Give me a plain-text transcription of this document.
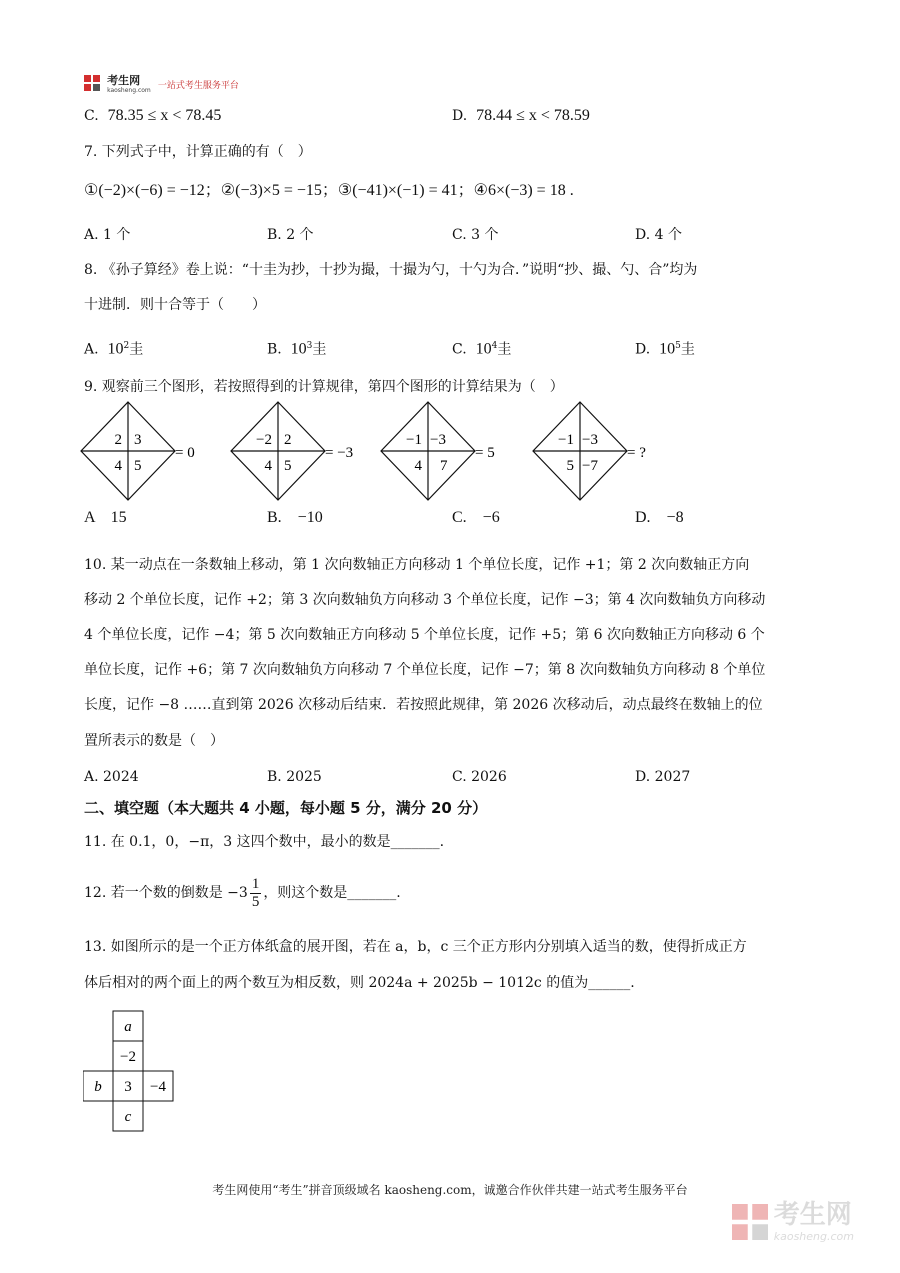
考生网
kaosheng.com 一站式考生服务平台
C. 78.35 ≤ x < 78.45	D. 78.44 ≤ x < 78.59
7. 下列式子中，计算正确的有（　）
①(−2)×(−6) = −12；②(−3)×5 = −15；③(−41)×(−1) = 41；④6×(−3) = 18 .
A. 1 个	B. 2 个	C. 3 个	D. 4 个
8. 《孙子算经》卷上说：“十圭为抄，十抄为撮，十撮为勺，十勺为合．”说明“抄、撮、勺、合”均为
十进制．则十合等于（　　）
A. $10^2$圭	B. $10^3$圭	C. $10^4$圭	D. $10^5$圭
9. 观察前三个图形，若按照得到的计算规律，第四个图形的计算结果为（　）
2 3
4 5
= 0
−2 2
4 5
= −3
−1 −3
4 7
= 5
−1 −3
5 −7
= ?
A　15	B.　−10	C.　−6	D.　−8
10. 某一动点在一条数轴上移动，第 1 次向数轴正方向移动 1 个单位长度，记作 +1；第 2 次向数轴正方向
移动 2 个单位长度，记作 +2；第 3 次向数轴负方向移动 3 个单位长度，记作 −3；第 4 次向数轴负方向移动
4 个单位长度，记作 −4；第 5 次向数轴正方向移动 5 个单位长度，记作 +5；第 6 次向数轴正方向移动 6 个
单位长度，记作 +6；第 7 次向数轴负方向移动 7 个单位长度，记作 −7；第 8 次向数轴负方向移动 8 个单位
长度，记作 −8 ……直到第 2026 次移动后结束．若按照此规律，第 2026 次移动后，动点最终在数轴上的位
置所表示的数是（　）
A. 2024	B. 2025	C. 2026	D. 2027
二、填空题（本大题共 4 小题，每小题 5 分，满分 20 分）
11. 在 0.1，0，−π，3 这四个数中，最小的数是_______.
12. 若一个数的倒数是 −3
1
5
，则这个数是_______.
13. 如图所示的是一个正方体纸盒的展开图，若在 a，b，c 三个正方形内分别填入适当的数，使得折成正方
体后相对的两个面上的两个数互为相反数，则 2024a + 2025b − 1012c 的值为______.
a
−2
b 3 −4
c
考生网使用“考生”拼音顶级域名 kaosheng.com，诚邀合作伙伴共建一站式考生服务平台
考生网
kaosheng.com
